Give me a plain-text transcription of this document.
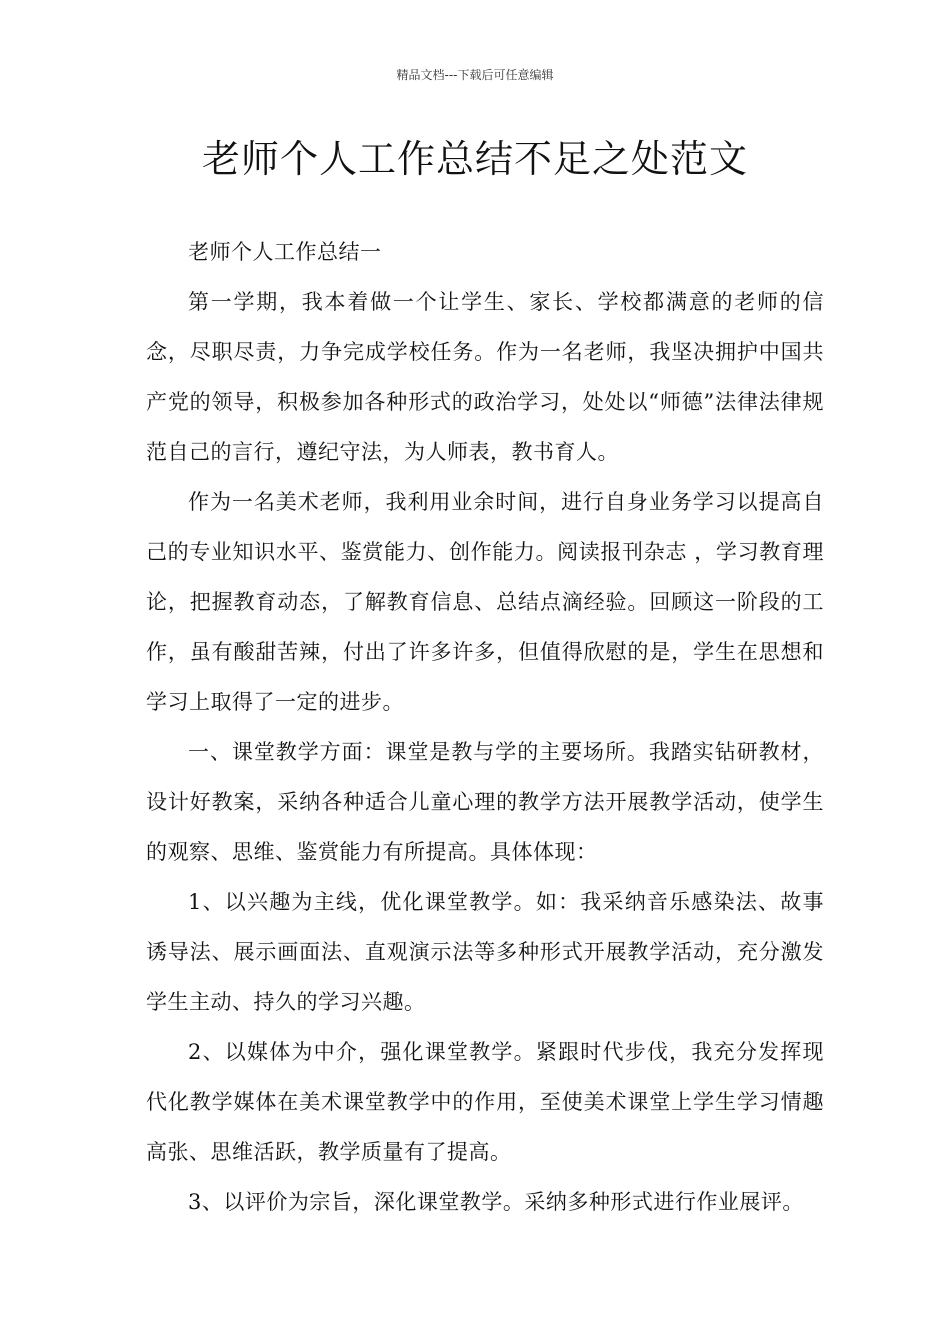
精品文档---下载后可任意编辑
老师个人工作总结不足之处范文

老师个人工作总结一

第一学期，我本着做一个让学生、家长、学校都满意的老师的信念，尽职尽责，力争完成学校任务。作为一名老师，我坚决拥护中国共产党的领导，积极参加各种形式的政治学习，处处以“师德”法律法律规范自己的言行，遵纪守法，为人师表，教书育人。

作为一名美术老师，我利用业余时间，进行自身业务学习以提高自己的专业知识水平、鉴赏能力、创作能力。阅读报刊杂志 ，学习教育理论，把握教育动态，了解教育信息、总结点滴经验。回顾这一阶段的工作，虽有酸甜苦辣，付出了许多许多，但值得欣慰的是，学生在思想和学习上取得了一定的进步。

一、课堂教学方面：课堂是教与学的主要场所。我踏实钻研教材，设计好教案，采纳各种适合儿童心理的教学方法开展教学活动，使学生的观察、思维、鉴赏能力有所提高。具体体现：

1、以兴趣为主线，优化课堂教学。如：我采纳音乐感染法、故事诱导法、展示画面法、直观演示法等多种形式开展教学活动，充分激发学生主动、持久的学习兴趣。

2、以媒体为中介，强化课堂教学。紧跟时代步伐，我充分发挥现代化教学媒体在美术课堂教学中的作用，至使美术课堂上学生学习情趣高张、思维活跃，教学质量有了提高。

3、以评价为宗旨，深化课堂教学。采纳多种形式进行作业展评。
